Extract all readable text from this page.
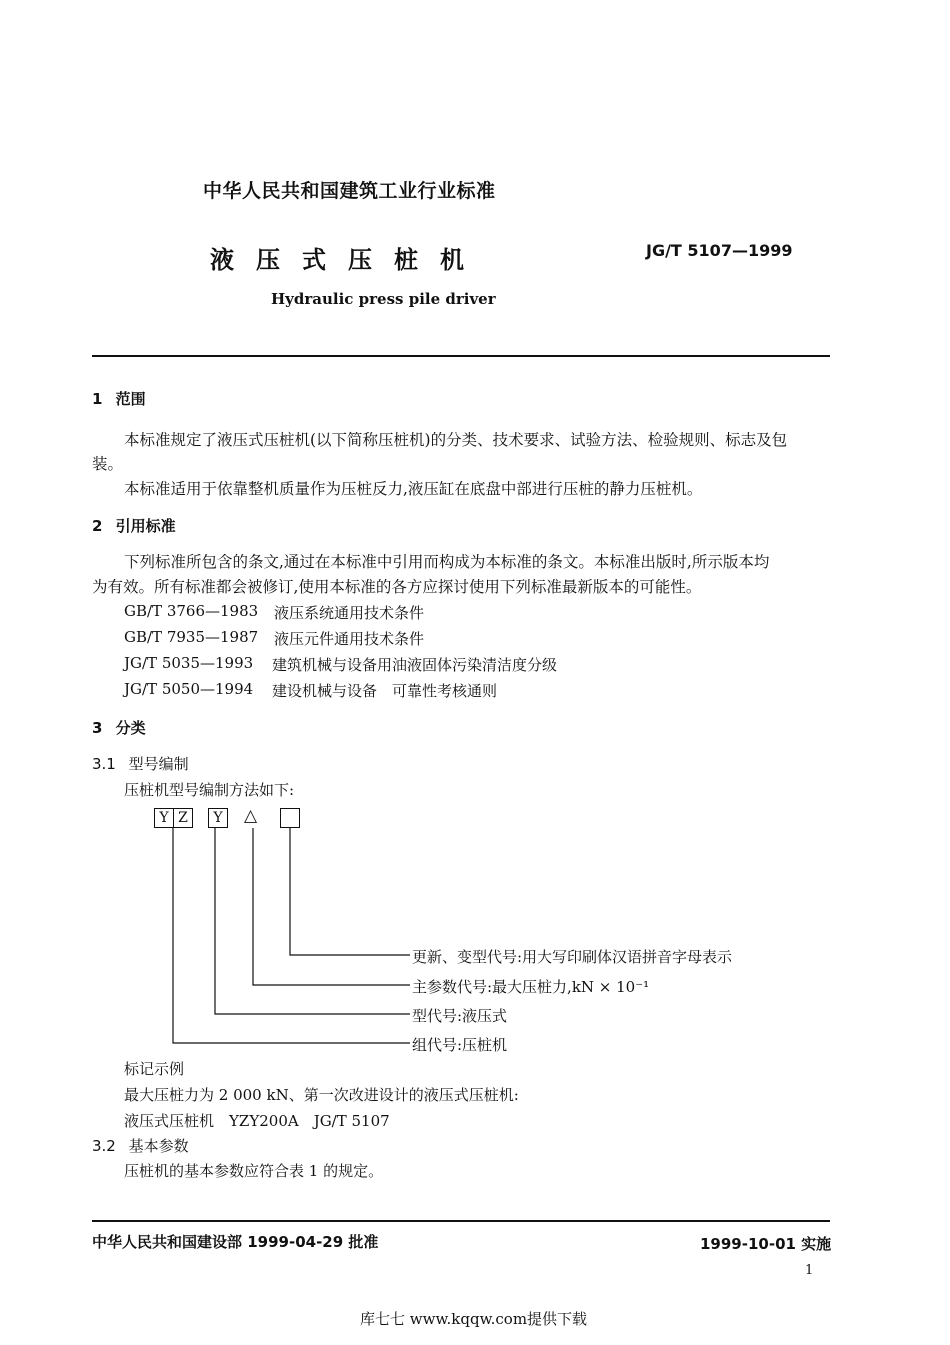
中华人民共和国建筑工业行业标准
液压式压桩机	JG/T 5107—1999
Hydraulic press pile driver
1 范围
本标准规定了液压式压桩机(以下简称压桩机)的分类、技术要求、试验方法、检验规则、标志及包
装。
本标准适用于依靠整机质量作为压桩反力,液压缸在底盘中部进行压桩的静力压桩机。
2 引用标准
下列标准所包含的条文,通过在本标准中引用而构成为本标准的条文。本标准出版时,所示版本均
为有效。所有标准都会被修订,使用本标准的各方应探讨使用下列标准最新版本的可能性。
GB/T 3766—1983 液压系统通用技术条件
GB/T 7935—1987 液压元件通用技术条件
JG/T 5035—1993 建筑机械与设备用油液固体污染清洁度分级
JG/T 5050—1994 建设机械与设备　可靠性考核通则
3 分类
3.1 型号编制
压桩机型号编制方法如下:
Y Z	Y	△
更新、变型代号:用大写印刷体汉语拼音字母表示
主参数代号:最大压桩力,kN × 10⁻¹
型代号:液压式
组代号:压桩机
标记示例
最大压桩力为 2 000 kN、第一次改进设计的液压式压桩机:
液压式压桩机　YZY200A　JG/T 5107
3.2 基本参数
压桩机的基本参数应符合表 1 的规定。
中华人民共和国建设部 1999-04-29 批准	1999-10-01 实施
1
库七七 www.kqqw.com提供下载
